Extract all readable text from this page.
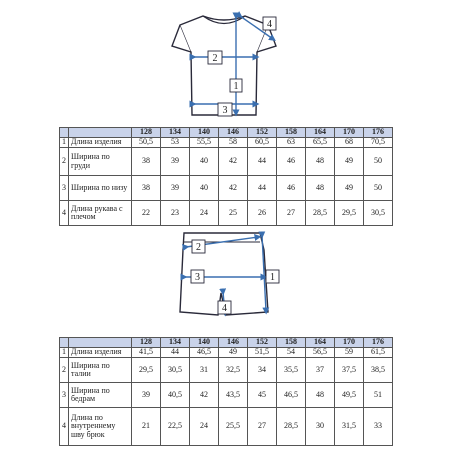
1
2
3
4
		128	134	140	146	152	158	164	170	176
1	Длина изделия	50,5	53	55,5	58	60,5	63	65,5	68	70,5
2	Ширина по груди	38	39	40	42	44	46	48	49	50
3	Ширина по низу	38	39	40	42	44	46	48	49	50
4	Длина рукава с плечом	22	23	24	25	26	27	28,5	29,5	30,5
1
2
3
4
		128	134	140	146	152	158	164	170	176
1	Длина изделия	41,5	44	46,5	49	51,5	54	56,5	59	61,5
2	Ширина по талии	29,5	30,5	31	32,5	34	35,5	37	37,5	38,5
3	Ширина по бедрам	39	40,5	42	43,5	45	46,5	48	49,5	51
4	Длина по внутреннему шву брюк	21	22,5	24	25,5	27	28,5	30	31,5	33
